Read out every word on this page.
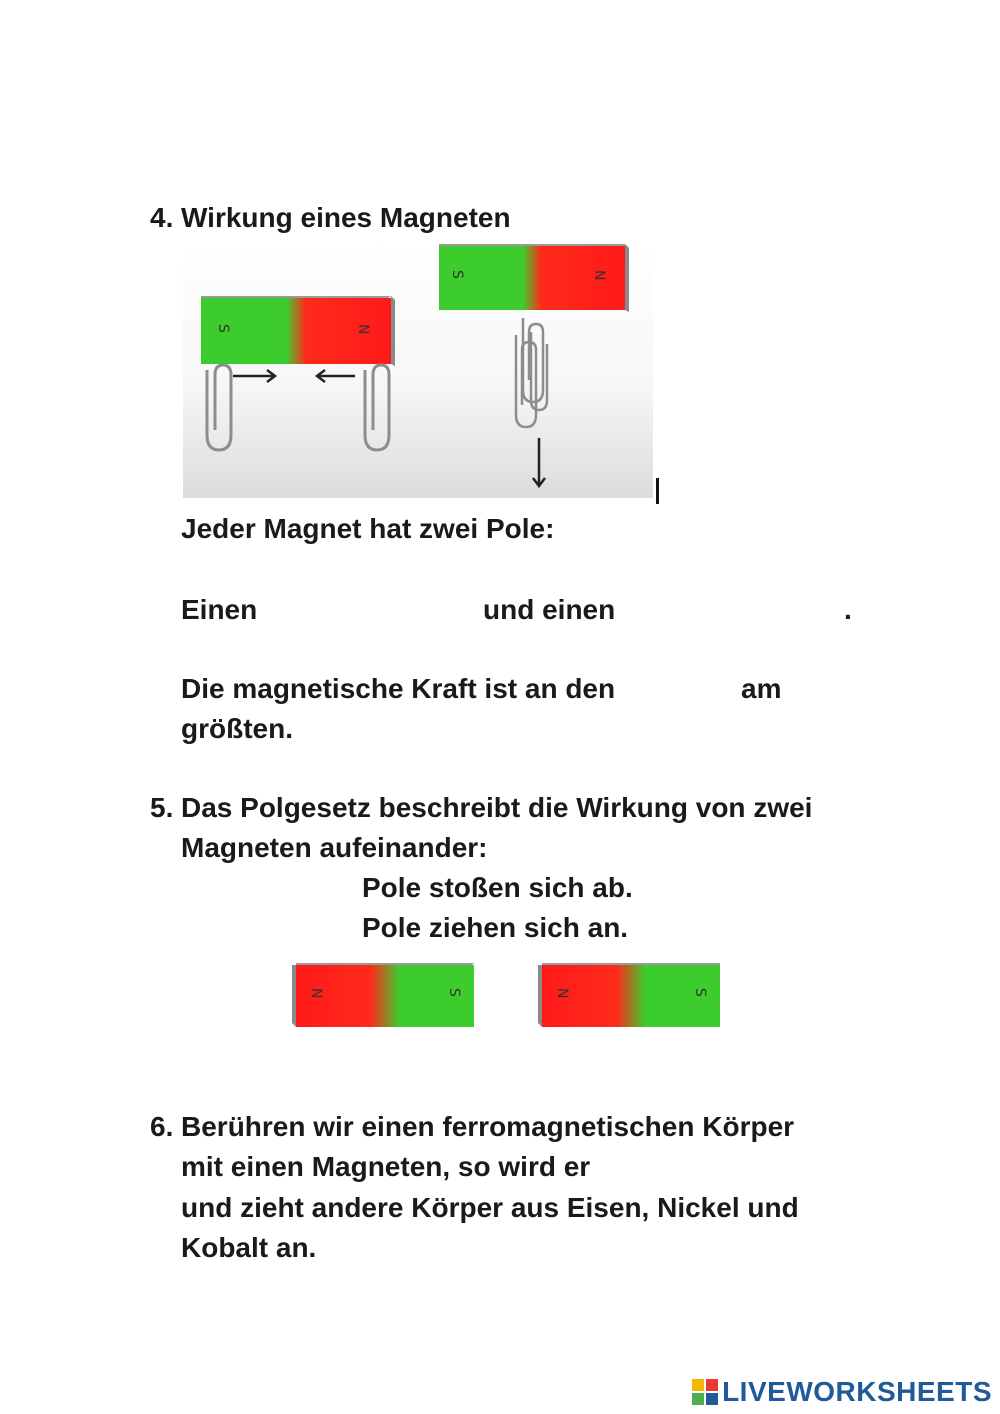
4. Wirkung eines Magneten
S	N
S	N
Jeder Magnet hat zwei Pole:
Einen	und einen	.
Die magnetische Kraft ist an den	am
größten.
5. Das Polgesetz beschreibt die Wirkung von zwei
Magneten aufeinander:
Pole stoßen sich ab.
Pole ziehen sich an.
N	S	N	S
6. Berühren wir einen ferromagnetischen Körper
mit einen Magneten, so wird er
und zieht andere Körper aus Eisen, Nickel und
Kobalt an.
LIVEWORKSHEETS
